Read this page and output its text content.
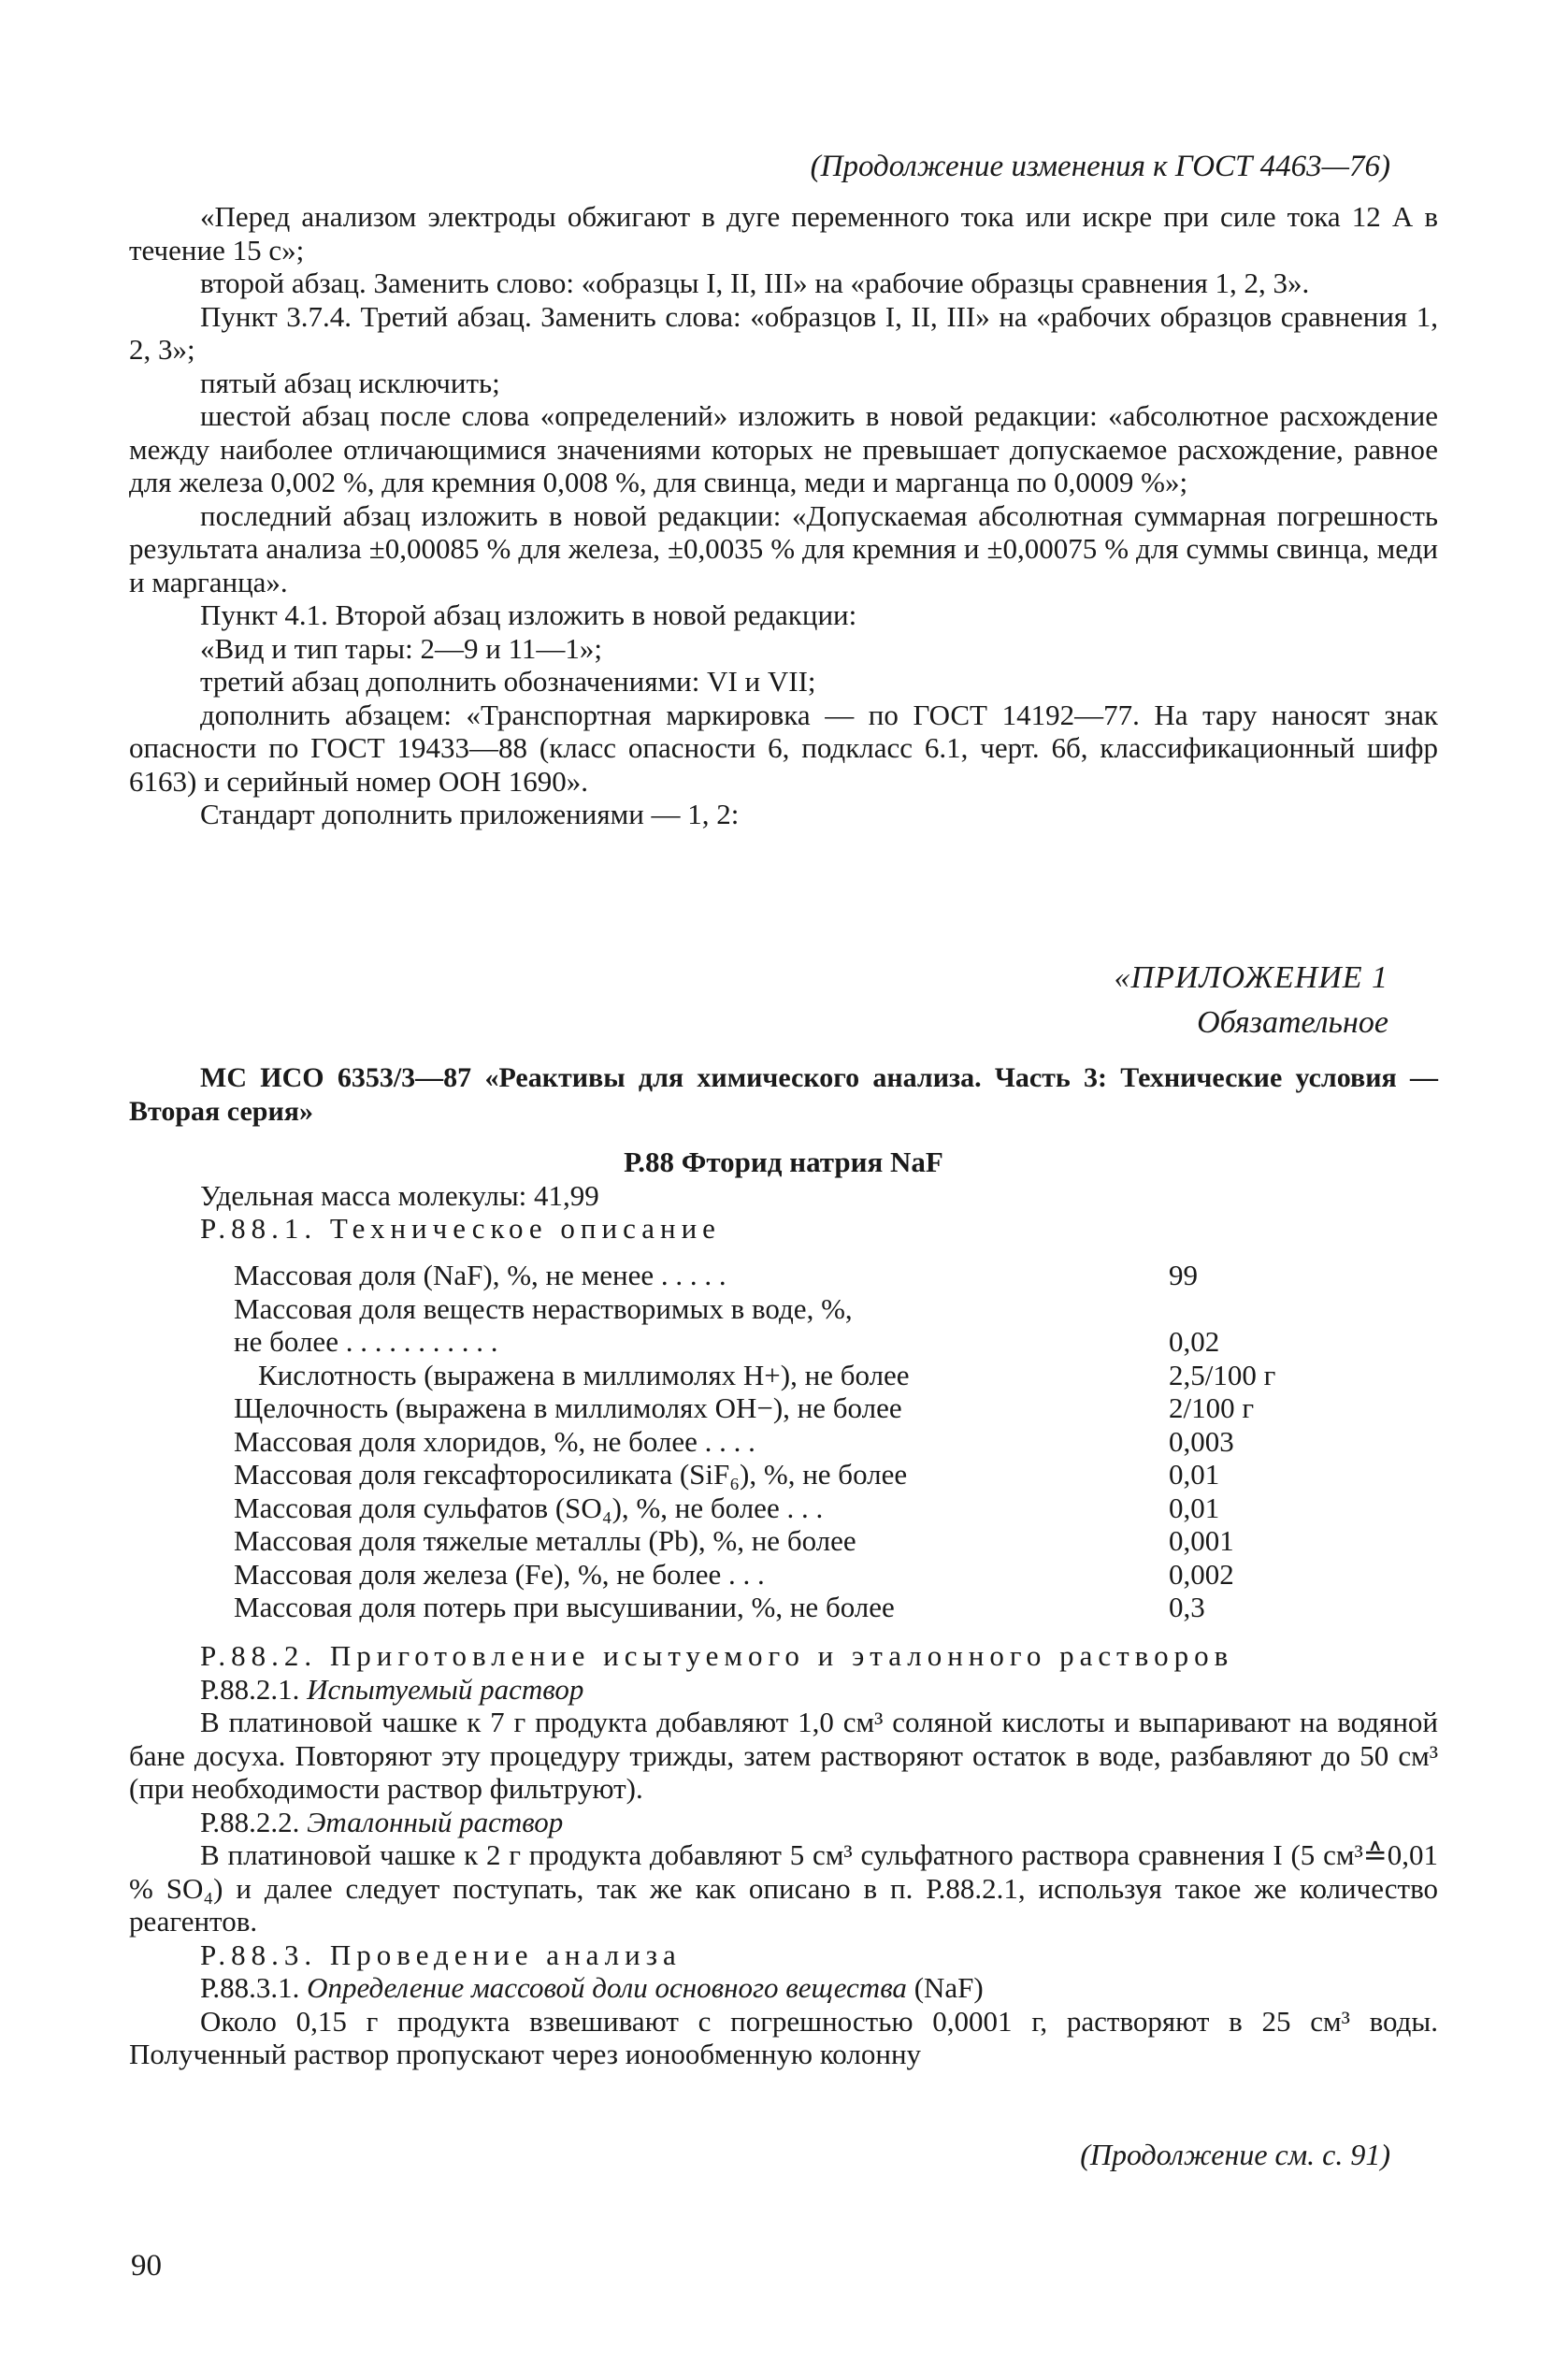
(Продолжение изменения к ГОСТ 4463—76)

«Перед анализом электроды обжигают в дуге переменного тока или искре при силе тока 12 А в течение 15 с»;

второй абзац. Заменить слово: «образцы I, II, III» на «рабочие образцы сравнения 1, 2, 3».

Пункт 3.7.4. Третий абзац. Заменить слова: «образцов I, II, III» на «рабочих образцов сравнения 1, 2, 3»;

пятый абзац исключить;

шестой абзац после слова «определений» изложить в новой редакции: «абсолютное расхождение между наиболее отличающимися значениями которых не превышает допускаемое расхождение, равное для железа 0,002 %, для кремния 0,008 %, для свинца, меди и марганца по 0,0009 %»;

последний абзац изложить в новой редакции: «Допускаемая абсолютная суммарная погрешность результата анализа ±0,00085 % для железа, ±0,0035 % для кремния и ±0,00075 % для суммы свинца, меди и марганца».

Пункт 4.1. Второй абзац изложить в новой редакции:

«Вид и тип тары: 2—9 и 11—1»;

третий абзац дополнить обозначениями: VI и VII;

дополнить абзацем: «Транспортная маркировка — по ГОСТ 14192—77. На тару наносят знак опасности по ГОСТ 19433—88 (класс опасности 6, подкласс 6.1, черт. 6б, классификационный шифр 6163) и серийный номер ООН 1690».

Стандарт дополнить приложениями — 1, 2:

«ПРИЛОЖЕНИЕ 1
Обязательное

МС ИСО 6353/3—87 «Реактивы для химического анализа. Часть 3: Технические условия — Вторая серия»

Р.88 Фторид натрия NaF

Удельная масса молекулы: 41,99

Р.88.1. Техническое описание

Массовая доля (NaF), %, не менее . . . . .	99
Массовая доля веществ нерастворимых в воде, %,
не более . . . . . . . . . . .	0,02
Кислотность (выражена в миллимолях H+), не более	2,5/100 г
Щелочность (выражена в миллимолях OH−), не более	2/100 г
Массовая доля хлоридов, %, не более . . . .	0,003
Массовая доля гексафторосиликата (SiF₆), %, не более	0,01
Массовая доля сульфатов (SO₄), %, не более . . .	0,01
Массовая доля тяжелые металлы (Pb), %, не более	0,001
Массовая доля железа (Fe), %, не более . . .	0,002
Массовая доля потерь при высушивании, %, не более	0,3

Р.88.2. Приготовление исытуемого и эталонного растворов

Р.88.2.1. Испытуемый раствор

В платиновой чашке к 7 г продукта добавляют 1,0 см³ соляной кислоты и выпаривают на водяной бане досуха. Повторяют эту процедуру трижды, затем растворяют остаток в воде, разбавляют до 50 см³ (при необходимости раствор фильтруют).

Р.88.2.2. Эталонный раствор

В платиновой чашке к 2 г продукта добавляют 5 см³ сульфатного раствора сравнения I (5 см³≙0,01 % SO₄) и далее следует поступать, так же как описано в п. Р.88.2.1, используя такое же количество реагентов.

Р.88.3. Проведение анализа

Р.88.3.1. Определение массовой доли основного вещества (NaF)

Около 0,15 г продукта взвешивают с погрешностью 0,0001 г, растворяют в 25 см³ воды. Полученный раствор пропускают через ионообменную колонну

(Продолжение см. с. 91)
90
